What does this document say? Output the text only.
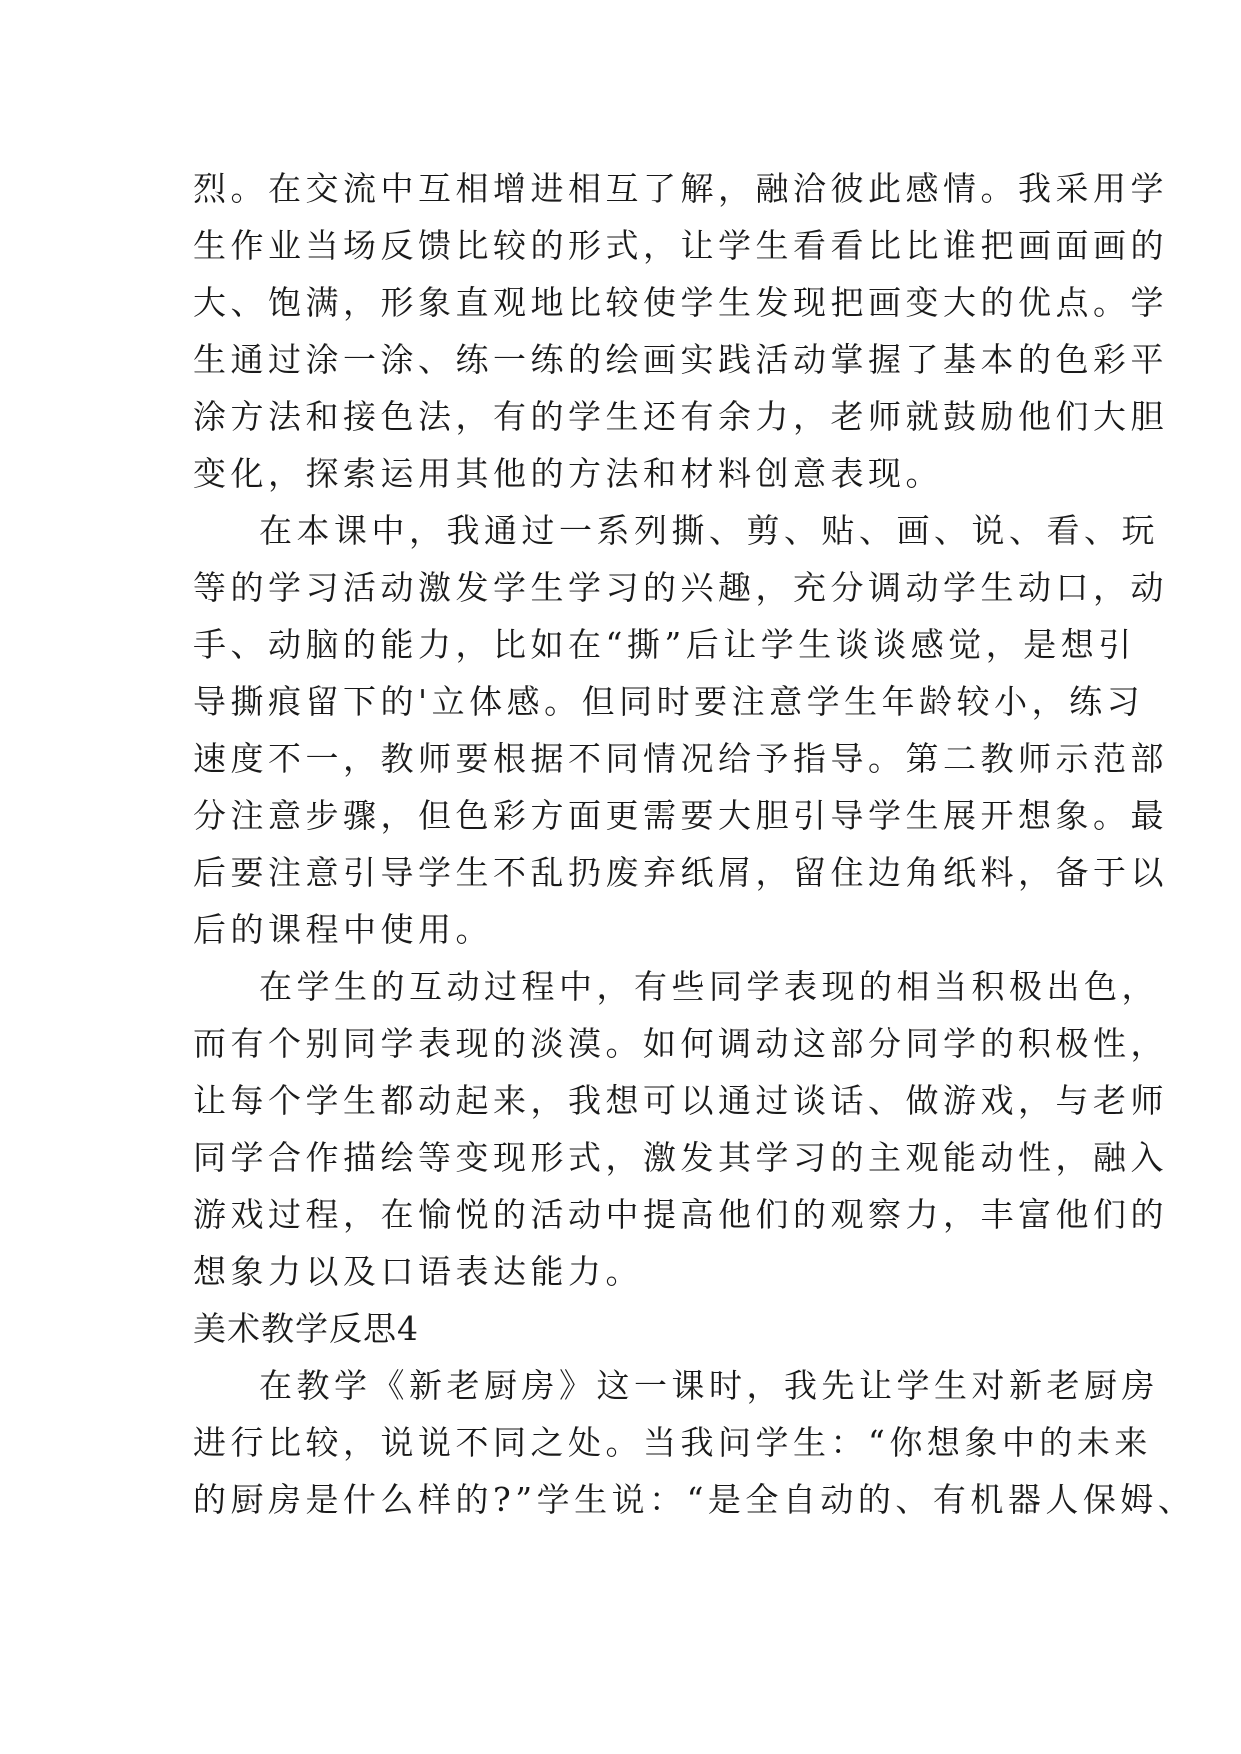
烈。在交流中互相增进相互了解，融洽彼此感情。我采用学
生作业当场反馈比较的形式，让学生看看比比谁把画面画的
大、饱满，形象直观地比较使学生发现把画变大的优点。学
生通过涂一涂、练一练的绘画实践活动掌握了基本的色彩平
涂方法和接色法，有的学生还有余力，老师就鼓励他们大胆
变化，探索运用其他的方法和材料创意表现。
在本课中，我通过一系列撕、剪、贴、画、说、看、玩
等的学习活动激发学生学习的兴趣，充分调动学生动口，动
手、动脑的能力，比如在“撕”后让学生谈谈感觉，是想引
导撕痕留下的'立体感。但同时要注意学生年龄较小，练习
速度不一，教师要根据不同情况给予指导。第二教师示范部
分注意步骤，但色彩方面更需要大胆引导学生展开想象。最
后要注意引导学生不乱扔废弃纸屑，留住边角纸料，备于以
后的课程中使用。
在学生的互动过程中，有些同学表现的相当积极出色，
而有个别同学表现的淡漠。如何调动这部分同学的积极性，
让每个学生都动起来，我想可以通过谈话、做游戏，与老师
同学合作描绘等变现形式，激发其学习的主观能动性，融入
游戏过程，在愉悦的活动中提高他们的观察力，丰富他们的
想象力以及口语表达能力。
美术教学反思4
在教学《新老厨房》这一课时，我先让学生对新老厨房
进行比较，说说不同之处。当我问学生：“你想象中的未来
的厨房是什么样的?”学生说：“是全自动的、有机器人保姆、
